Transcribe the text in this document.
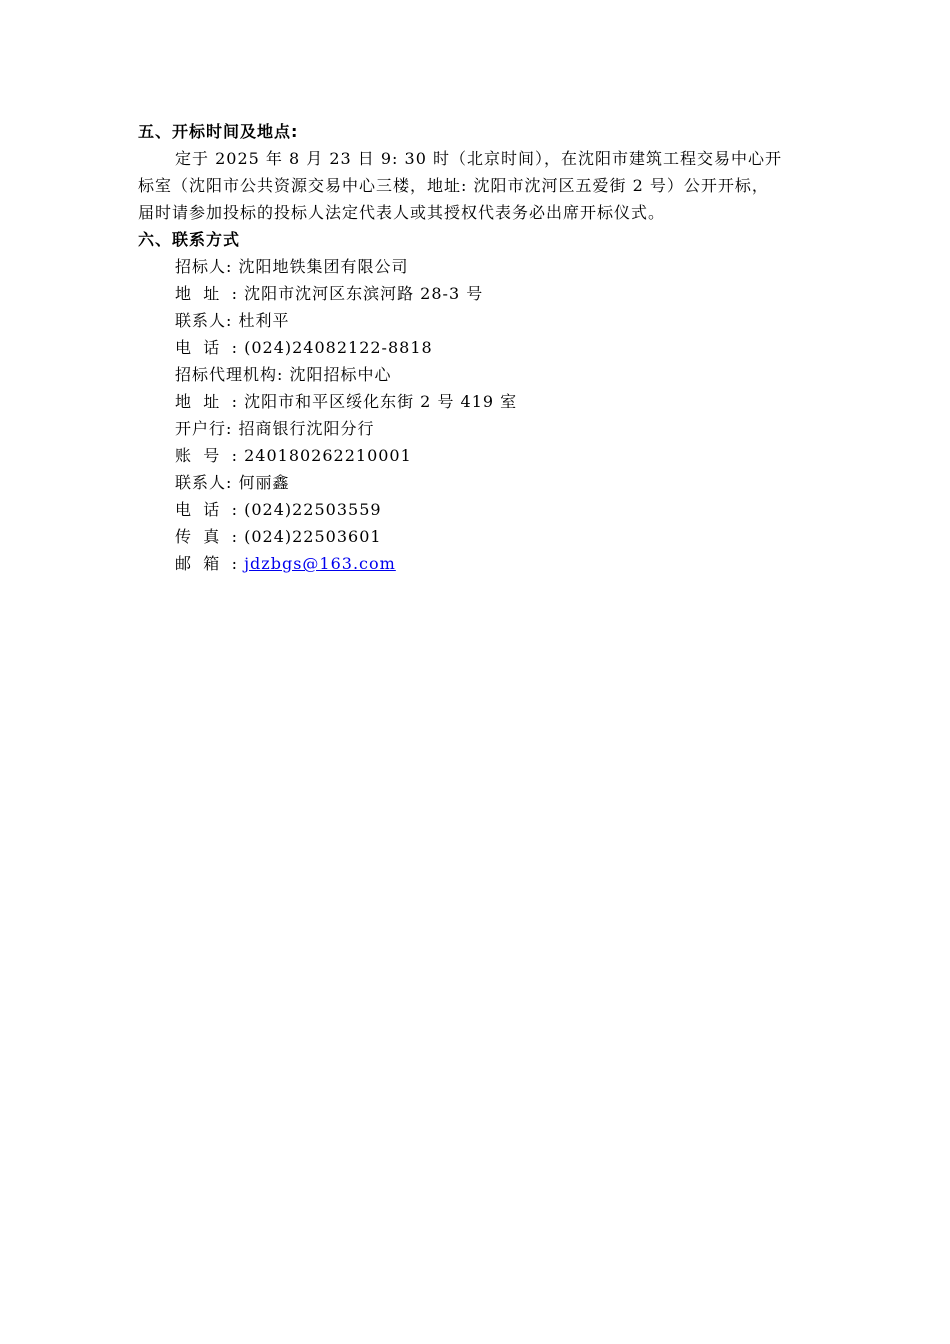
五、开标时间及地点:

定于 2025 年 8 月 23 日 9: 30 时（北京时间），在沈阳市建筑工程交易中心开
标室（沈阳市公共资源交易中心三楼，地址: 沈阳市沈河区五爱街 2 号）公开开标，
届时请参加投标的投标人法定代表人或其授权代表务必出席开标仪式。

六、联系方式
招标人: 沈阳地铁集团有限公司
地 址 : 沈阳市沈河区东滨河路 28-3 号
联系人: 杜利平
电 话 : (024)24082122-8818
招标代理机构: 沈阳招标中心
地 址 : 沈阳市和平区绥化东街 2 号 419 室
开户行: 招商银行沈阳分行
账 号 : 240180262210001
联系人: 何丽鑫
电 话 : (024)22503559
传 真 : (024)22503601
邮 箱 : jdzbgs@163.com
